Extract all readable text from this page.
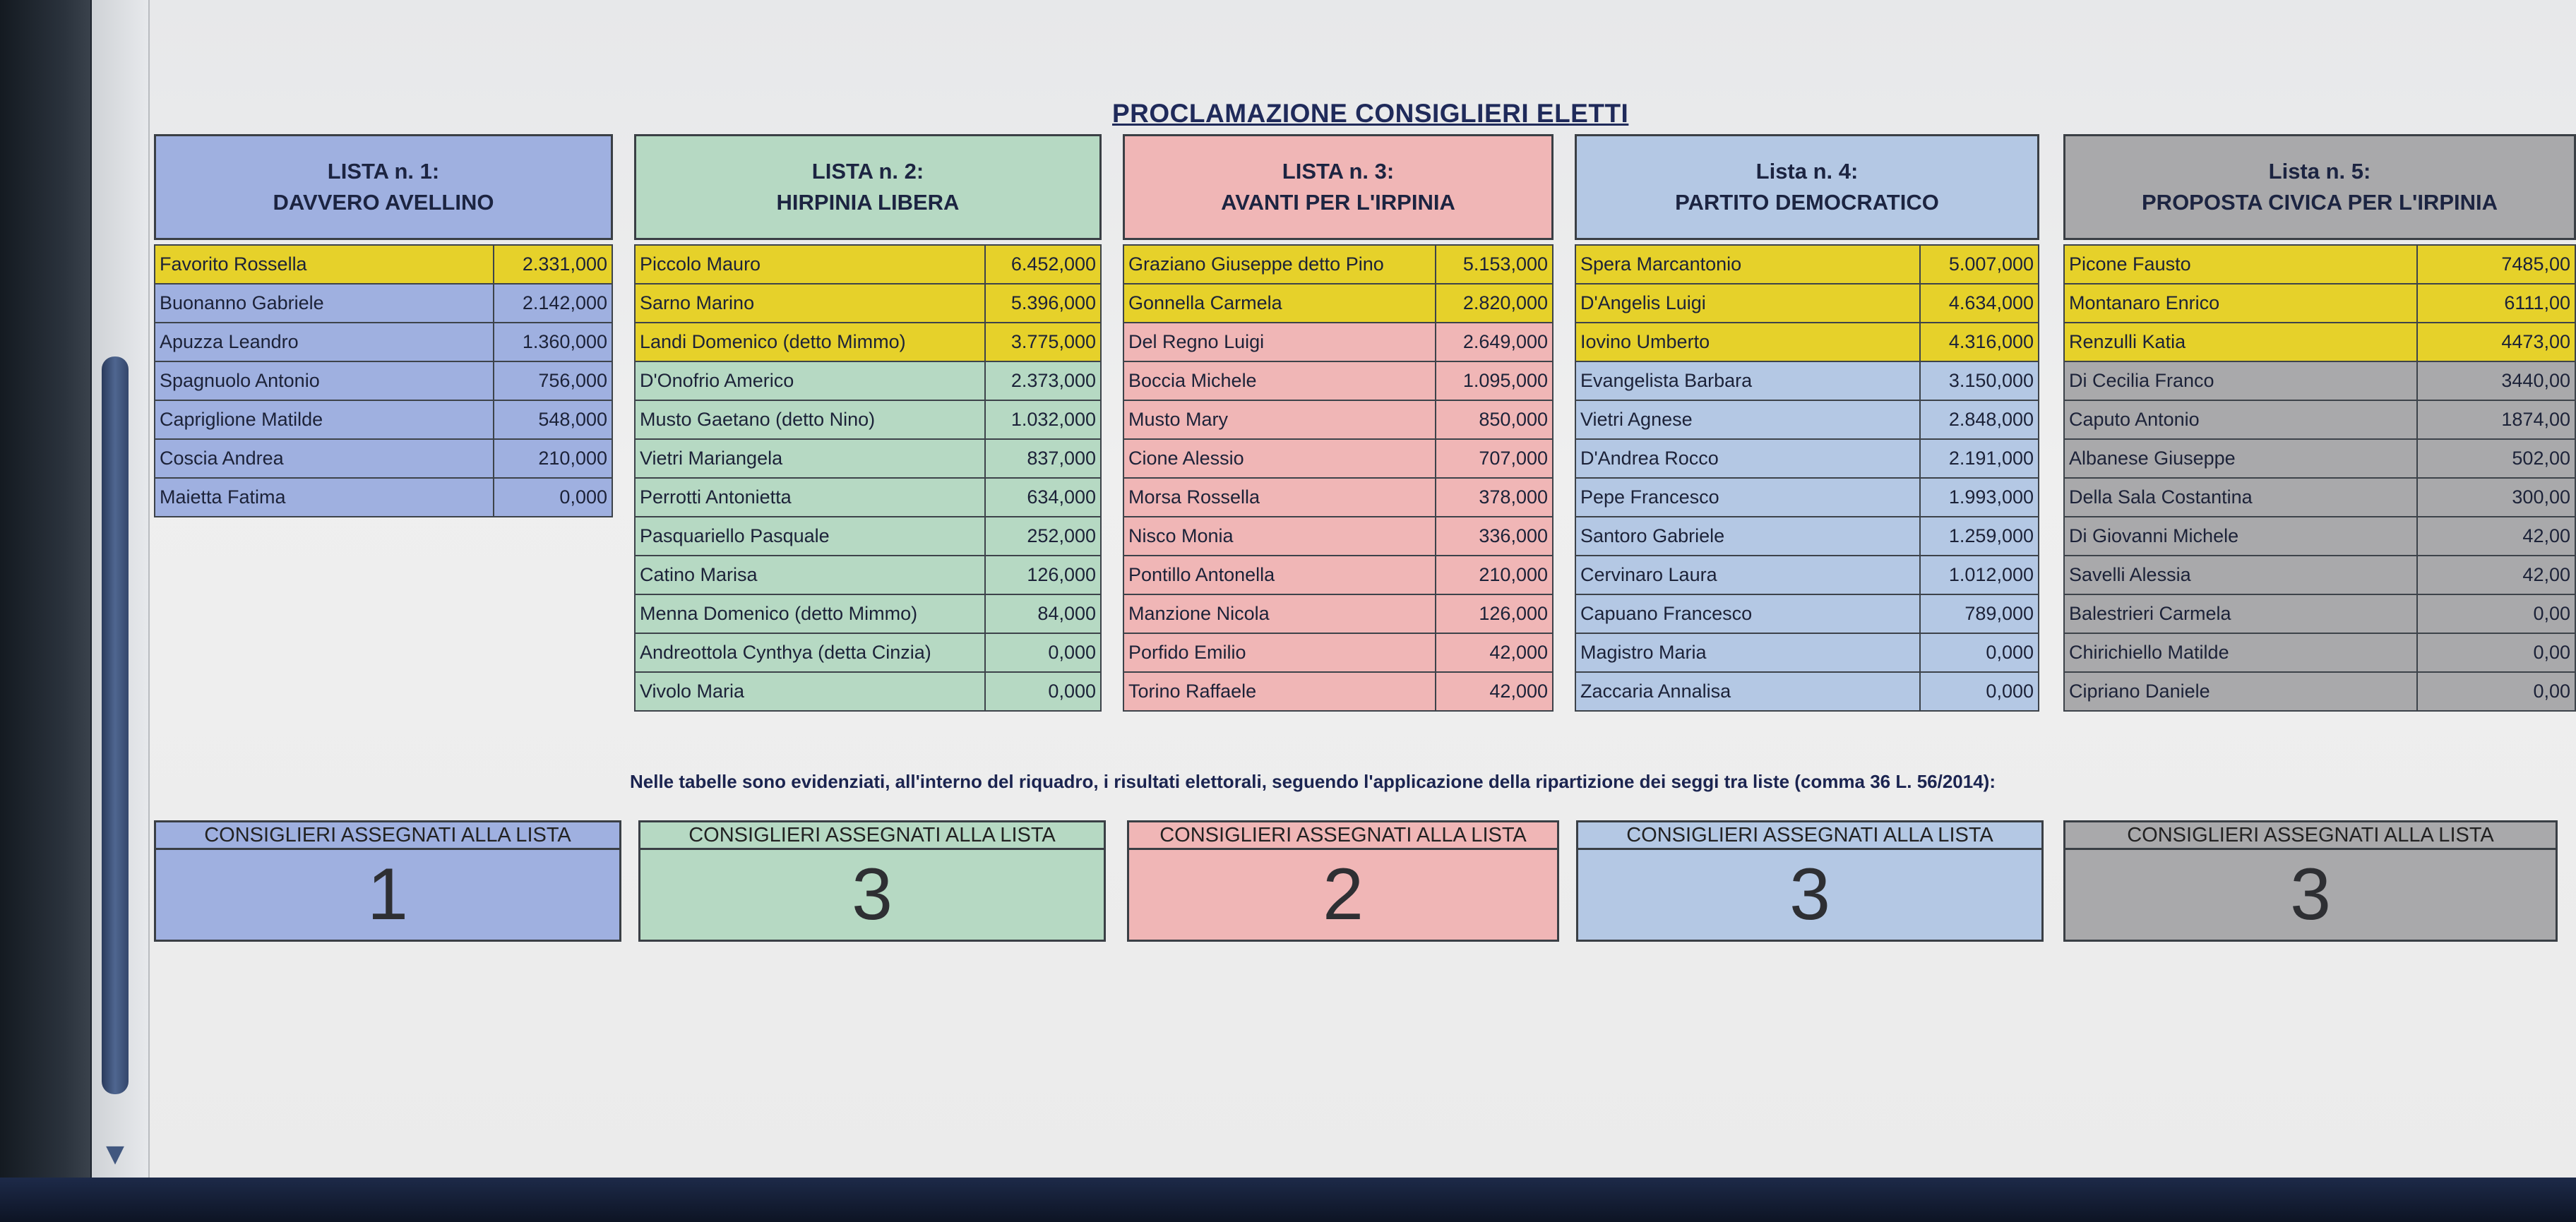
▼
PROCLAMAZIONE CONSIGLIERI ELETTI
LISTA n. 1:
DAVVERO AVELLINO
Favorito Rossella	2.331,000
Buonanno Gabriele	2.142,000
Apuzza Leandro	1.360,000
Spagnuolo Antonio	756,000
Capriglione Matilde	548,000
Coscia Andrea	210,000
Maietta Fatima	0,000
LISTA n. 2:
HIRPINIA LIBERA
Piccolo Mauro	6.452,000
Sarno Marino	5.396,000
Landi Domenico (detto Mimmo)	3.775,000
D'Onofrio Americo	2.373,000
Musto Gaetano (detto Nino)	1.032,000
Vietri Mariangela	837,000
Perrotti Antonietta	634,000
Pasquariello Pasquale	252,000
Catino Marisa	126,000
Menna Domenico (detto Mimmo)	84,000
Andreottola Cynthya (detta Cinzia)	0,000
Vivolo Maria	0,000
LISTA n. 3:
AVANTI PER L'IRPINIA
Graziano Giuseppe detto Pino	5.153,000
Gonnella Carmela	2.820,000
Del Regno Luigi	2.649,000
Boccia Michele	1.095,000
Musto Mary	850,000
Cione Alessio	707,000
Morsa Rossella	378,000
Nisco Monia	336,000
Pontillo Antonella	210,000
Manzione Nicola	126,000
Porfido Emilio	42,000
Torino Raffaele	42,000
Lista n. 4:
PARTITO DEMOCRATICO
Spera Marcantonio	5.007,000
D'Angelis Luigi	4.634,000
Iovino Umberto	4.316,000
Evangelista Barbara	3.150,000
Vietri Agnese	2.848,000
D'Andrea Rocco	2.191,000
Pepe Francesco	1.993,000
Santoro Gabriele	1.259,000
Cervinaro Laura	1.012,000
Capuano Francesco	789,000
Magistro Maria	0,000
Zaccaria Annalisa	0,000
Lista n. 5:
PROPOSTA CIVICA PER L'IRPINIA
Picone Fausto	7485,00
Montanaro Enrico	6111,00
Renzulli Katia	4473,00
Di Cecilia Franco	3440,00
Caputo Antonio	1874,00
Albanese Giuseppe	502,00
Della Sala Costantina	300,00
Di Giovanni Michele	42,00
Savelli Alessia	42,00
Balestrieri Carmela	0,00
Chirichiello Matilde	0,00
Cipriano Daniele	0,00
Nelle tabelle sono evidenziati, all'interno del riquadro, i risultati elettorali, seguendo l'applicazione della ripartizione dei seggi tra liste (comma 36 L. 56/2014):
CONSIGLIERI ASSEGNATI ALLA LISTA
1
CONSIGLIERI ASSEGNATI ALLA LISTA
3
CONSIGLIERI ASSEGNATI ALLA LISTA
2
CONSIGLIERI ASSEGNATI ALLA LISTA
3
CONSIGLIERI ASSEGNATI ALLA LISTA
3
